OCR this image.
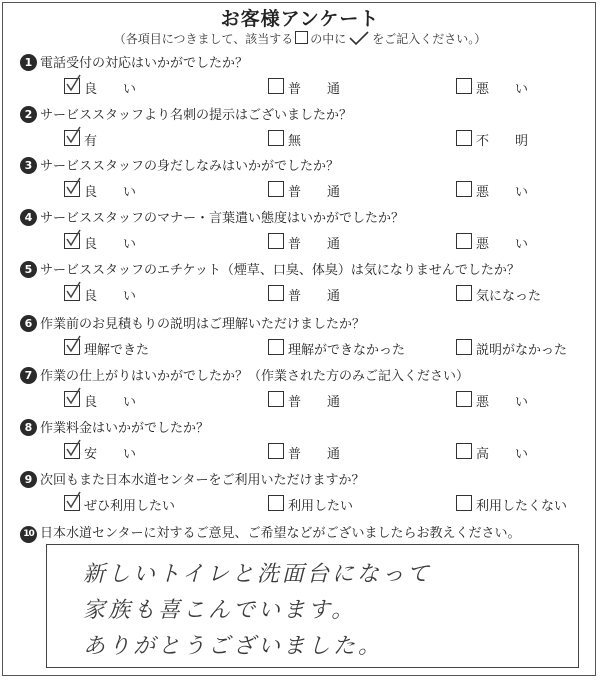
お客様アンケート
（各項目につきまして、該当する の中に をご記入ください。）
1 電話受付の対応はいかがでしたか？
良　　い	普　　通	悪　　い
2 サービススタッフより名刺の提示はございましたか？
有	無	不　　明
3 サービススタッフの身だしなみはいかがでしたか？
良　　い	普　　通	悪　　い
4 サービススタッフのマナー・言葉遣い態度はいかがでしたか？
良　　い	普　　通	悪　　い
5 サービススタッフのエチケット（煙草、口臭、体臭）は気になりませんでしたか？
良　　い	普　　通	気になった
6 作業前のお見積もりの説明はご理解いただけましたか？
理解できた	理解ができなかった	説明がなかった
7 作業の仕上がりはいかがでしたか？（作業された方のみご記入ください）
良　　い	普　　通	悪　　い
8 作業料金はいかがでしたか？
安　　い	普　　通	高　　い
9 次回もまた日本水道センターをご利用いただけますか？
ぜひ利用したい	利用したい	利用したくない
10 日本水道センターに対するご意見、ご希望などがございましたらお教えください。
新しいトイレと洗面台になって
家族も喜こんでいます。
ありがとうございました。
